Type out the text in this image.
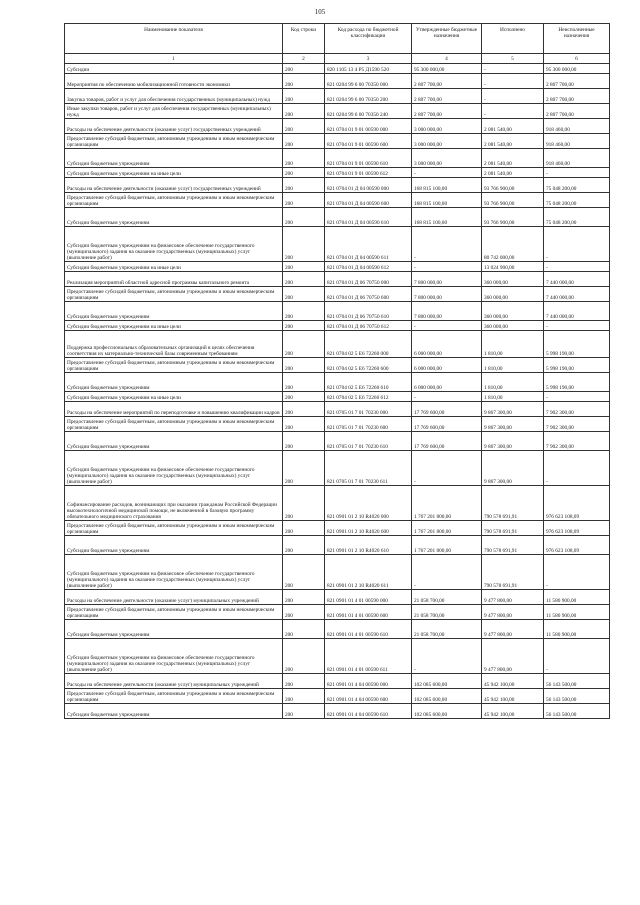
105
Наименование показателя	Код строки	Код расхода по бюджетной классификации	Утвержденные бюджетные назначения	Исполнено	Неисполненные назначения
1	2	3	4	5	6
Субсидии	200	820 1105 13 4 Р5 Д1590 520	95 300 000,00	-	95 300 000,00
Мероприятия по обеспечению мобилизационной готовности экономики	200	821 0204 99 6 00 70350 000	2 807 700,00	-	2 807 700,00
Закупка товаров, работ и услуг для обеспечения государственных (муниципальных) нужд	200	821 0204 99 6 00 70350 200	2 807 700,00	-	2 807 700,00
Иные закупки товаров, работ и услуг для обеспечения государственных (муниципальных) нужд	200	821 0204 99 6 00 70350 240	2 807 700,00	-	2 807 700,00
Расходы на обеспечение деятельности (оказание услуг) государственных учреждений	200	821 0704 01 9 01 00590 000	3 000 000,00	2 081 540,00	918 460,00
Предоставление субсидий бюджетным, автономным учреждениям и иным некоммерческим организациям	200	821 0704 01 9 01 00590 600	3 000 000,00	2 081 540,00	918 460,00
Субсидии бюджетным учреждениям	200	821 0704 01 9 01 00590 610	3 000 000,00	2 081 540,00	918 460,00
Субсидии бюджетным учреждениям на иные цели	200	821 0704 01 9 01 00590 612	-	2 081 540,00	-
Расходы на обеспечение деятельности (оказание услуг) государственных учреждений	200	821 0704 01 Д 04 00590 000	168 815 100,00	93 766 900,00	75 048 200,00
Предоставление субсидий бюджетным, автономным учреждениям и иным некоммерческим организациям	200	821 0704 01 Д 04 00590 600	168 815 100,00	93 766 900,00	75 048 200,00
Субсидии бюджетным учреждениям	200	821 0704 01 Д 04 00590 610	168 815 100,00	93 766 900,00	75 048 200,00
Субсидии бюджетным учреждениям на финансовое обеспечение государственного (муниципального) задания на оказание государственных (муниципальных) услуг (выполнение работ)	200	821 0704 01 Д 04 00590 611	-	80 742 000,00	-
Субсидии бюджетным учреждениям на иные цели	200	821 0704 01 Д 04 00590 612	-	13 024 900,00	-
Реализация мероприятий областной адресной программы капитального ремонта	200	821 0704 01 Д 06 70750 000	7 800 000,00	360 000,00	7 440 000,00
Предоставление субсидий бюджетным, автономным учреждениям и иным некоммерческим организациям	200	821 0704 01 Д 06 70750 600	7 800 000,00	360 000,00	7 440 000,00
Субсидии бюджетным учреждениям	200	821 0704 01 Д 06 70750 610	7 800 000,00	360 000,00	7 440 000,00
Субсидии бюджетным учреждениям на иные цели	200	821 0704 01 Д 06 70750 612	-	360 000,00	-
Поддержка профессиональных образовательных организаций в целях обеспечения соответствия их материально-технической базы современным требованиям	200	821 0704 02 5 Е6 72260 000	6 000 000,00	1 810,00	5 998 190,00
Предоставление субсидий бюджетным, автономным учреждениям и иным некоммерческим организациям	200	821 0704 02 5 Е6 72260 600	6 000 000,00	1 810,00	5 998 190,00
Субсидии бюджетным учреждениям	200	821 0704 02 5 Е6 72260 610	6 000 000,00	1 810,00	5 998 190,00
Субсидии бюджетным учреждениям на иные цели	200	821 0704 02 5 Е6 72260 612	-	1 810,00	-
Расходы на обеспечение мероприятий по переподготовке и повышению квалификации кадров	200	821 0705 01 7 01 70230 000	17 769 600,00	9 867 300,00	7 902 300,00
Предоставление субсидий бюджетным, автономным учреждениям и иным некоммерческим организациям	200	821 0705 01 7 01 70230 600	17 769 600,00	9 867 300,00	7 902 300,00
Субсидии бюджетным учреждениям	200	821 0705 01 7 01 70230 610	17 769 600,00	9 867 300,00	7 902 300,00
Субсидии бюджетным учреждениям на финансовое обеспечение государственного (муниципального) задания на оказание государственных (муниципальных) услуг (выполнение работ)	200	821 0705 01 7 01 70230 611	-	9 867 300,00	-
Софинансирование расходов, возникающих при оказании гражданам Российской Федерации высокотехнологичной медицинской помощи, не включенной в базовую программу обязательного медицинского страхования	200	821 0901 01 2 10 R4020 000	1 767 201 800,00	790 578 691,91	976 623 108,09
Предоставление субсидий бюджетным, автономным учреждениям и иным некоммерческим организациям	200	821 0901 01 2 10 R4020 600	1 767 201 800,00	790 578 691,91	976 623 108,09
Субсидии бюджетным учреждениям	200	821 0901 01 2 10 R4020 610	1 767 201 800,00	790 578 691,91	976 623 108,09
Субсидии бюджетным учреждениям на финансовое обеспечение государственного (муниципального) задания на оказание государственных (муниципальных) услуг (выполнение работ)	200	821 0901 01 2 10 R4020 611	-	790 578 691,91	-
Расходы на обеспечение деятельности (оказание услуг) муниципальных учреждений	200	821 0901 01 4 01 00590 000	21 058 700,00	9 477 800,00	11 580 900,00
Предоставление субсидий бюджетным, автономным учреждениям и иным некоммерческим организациям	200	821 0901 01 4 01 00590 600	21 058 700,00	9 477 800,00	11 580 900,00
Субсидии бюджетным учреждениям	200	821 0901 01 4 01 00590 610	21 058 700,00	9 477 800,00	11 580 900,00
Субсидии бюджетным учреждениям на финансовое обеспечение государственного (муниципального) задания на оказание государственных (муниципальных) услуг (выполнение работ)	200	821 0901 01 4 01 00590 611	-	9 477 800,00	-
Расходы на обеспечение деятельности (оказание услуг) муниципальных учреждений	200	821 0901 01 4 04 00590 000	102 085 600,00	45 942 100,00	56 143 500,00
Предоставление субсидий бюджетным, автономным учреждениям и иным некоммерческим организациям	200	821 0901 01 4 04 00590 600	102 085 600,00	45 942 100,00	56 143 500,00
Субсидии бюджетным учреждениям	200	821 0901 01 4 04 00590 610	102 085 600,00	45 942 100,00	56 143 500,00
